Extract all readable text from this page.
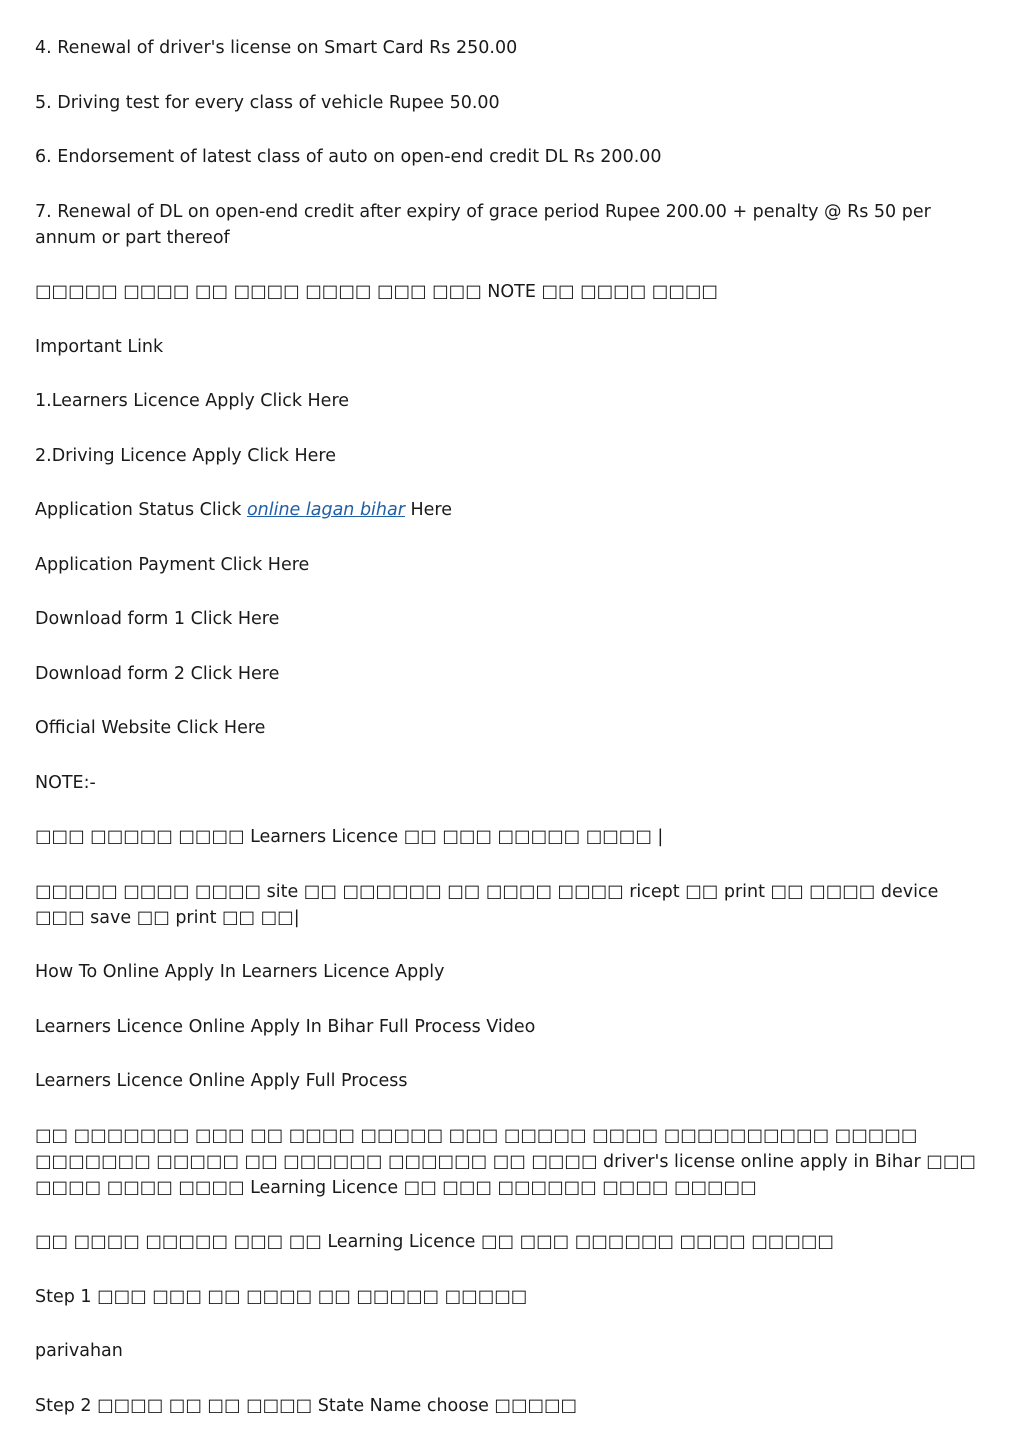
4. Renewal of driver's license on Smart Card Rs 250.00

5. Driving test for every class of vehicle Rupee 50.00

6. Endorsement of latest class of auto on open-end credit DL Rs 200.00

7. Renewal of DL on open-end credit after expiry of grace period Rupee 200.00 + penalty @ Rs 50 per annum or part thereof

□□□□□ □□□□ □□ □□□□ □□□□ □□□ □□□ NOTE □□ □□□□ □□□□

Important Link

1.Learners Licence Apply Click Here

2.Driving Licence Apply Click Here

Application Status Click online lagan bihar Here

Application Payment Click Here

Download form 1 Click Here

Download form 2 Click Here

Official Website Click Here

NOTE:-

□□□ □□□□□ □□□□ Learners Licence □□ □□□ □□□□□ □□□□ |

□□□□□ □□□□ □□□□ site □□ □□□□□□ □□ □□□□ □□□□ ricept □□ print □□ □□□□ device □□□ save □□ print □□ □□|

How To Online Apply In Learners Licence Apply

Learners Licence Online Apply In Bihar Full Process Video

Learners Licence Online Apply Full Process

□□ □□□□□□□ □□□ □□ □□□□ □□□□□ □□□ □□□□□ □□□□ □□□□□□□□□□ □□□□□ □□□□□□□ □□□□□ □□ □□□□□□ □□□□□□ □□ □□□□ driver's license online apply in Bihar □□□ □□□□ □□□□ □□□□ Learning Licence □□ □□□ □□□□□□ □□□□ □□□□□

□□ □□□□ □□□□□ □□□ □□ Learning Licence □□ □□□ □□□□□□ □□□□ □□□□□

Step 1 □□□ □□□ □□ □□□□ □□ □□□□□ □□□□□

parivahan

Step 2 □□□□ □□ □□ □□□□ State Name choose □□□□□
